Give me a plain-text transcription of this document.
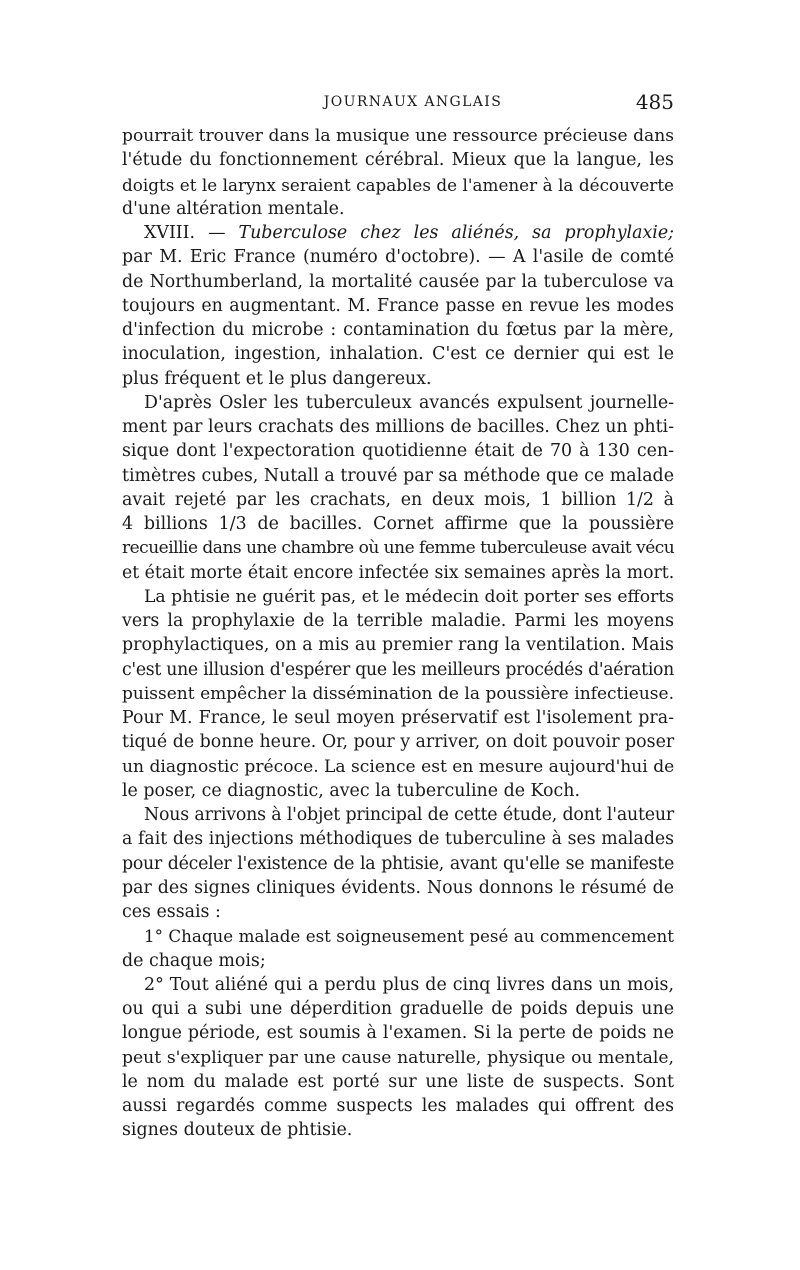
JOURNAUX ANGLAIS	485
pourrait trouver dans la musique une ressource précieuse dans
l'étude du fonctionnement cérébral. Mieux que la langue, les
doigts et le larynx seraient capables de l'amener à la découverte
d'une altération mentale.
XVIII. — Tuberculose chez les aliénés, sa prophylaxie;
par M. Eric France (numéro d'octobre). — A l'asile de comté
de Northumberland, la mortalité causée par la tuberculose va
toujours en augmentant. M. France passe en revue les modes
d'infection du microbe : contamination du fœtus par la mère,
inoculation, ingestion, inhalation. C'est ce dernier qui est le
plus fréquent et le plus dangereux.
D'après Osler les tuberculeux avancés expulsent journelle-
ment par leurs crachats des millions de bacilles. Chez un phti-
sique dont l'expectoration quotidienne était de 70 à 130 cen-
timètres cubes, Nutall a trouvé par sa méthode que ce malade
avait rejeté par les crachats, en deux mois, 1 billion 1/2 à
4 billions 1/3 de bacilles. Cornet affirme que la poussière
recueillie dans une chambre où une femme tuberculeuse avait vécu
et était morte était encore infectée six semaines après la mort.
La phtisie ne guérit pas, et le médecin doit porter ses efforts
vers la prophylaxie de la terrible maladie. Parmi les moyens
prophylactiques, on a mis au premier rang la ventilation. Mais
c'est une illusion d'espérer que les meilleurs procédés d'aération
puissent empêcher la dissémination de la poussière infectieuse.
Pour M. France, le seul moyen préservatif est l'isolement pra-
tiqué de bonne heure. Or, pour y arriver, on doit pouvoir poser
un diagnostic précoce. La science est en mesure aujourd'hui de
le poser, ce diagnostic, avec la tuberculine de Koch.
Nous arrivons à l'objet principal de cette étude, dont l'auteur
a fait des injections méthodiques de tuberculine à ses malades
pour déceler l'existence de la phtisie, avant qu'elle se manifeste
par des signes cliniques évidents. Nous donnons le résumé de
ces essais :
1° Chaque malade est soigneusement pesé au commencement
de chaque mois;
2° Tout aliéné qui a perdu plus de cinq livres dans un mois,
ou qui a subi une déperdition graduelle de poids depuis une
longue période, est soumis à l'examen. Si la perte de poids ne
peut s'expliquer par une cause naturelle, physique ou mentale,
le nom du malade est porté sur une liste de suspects. Sont
aussi regardés comme suspects les malades qui offrent des
signes douteux de phtisie.
